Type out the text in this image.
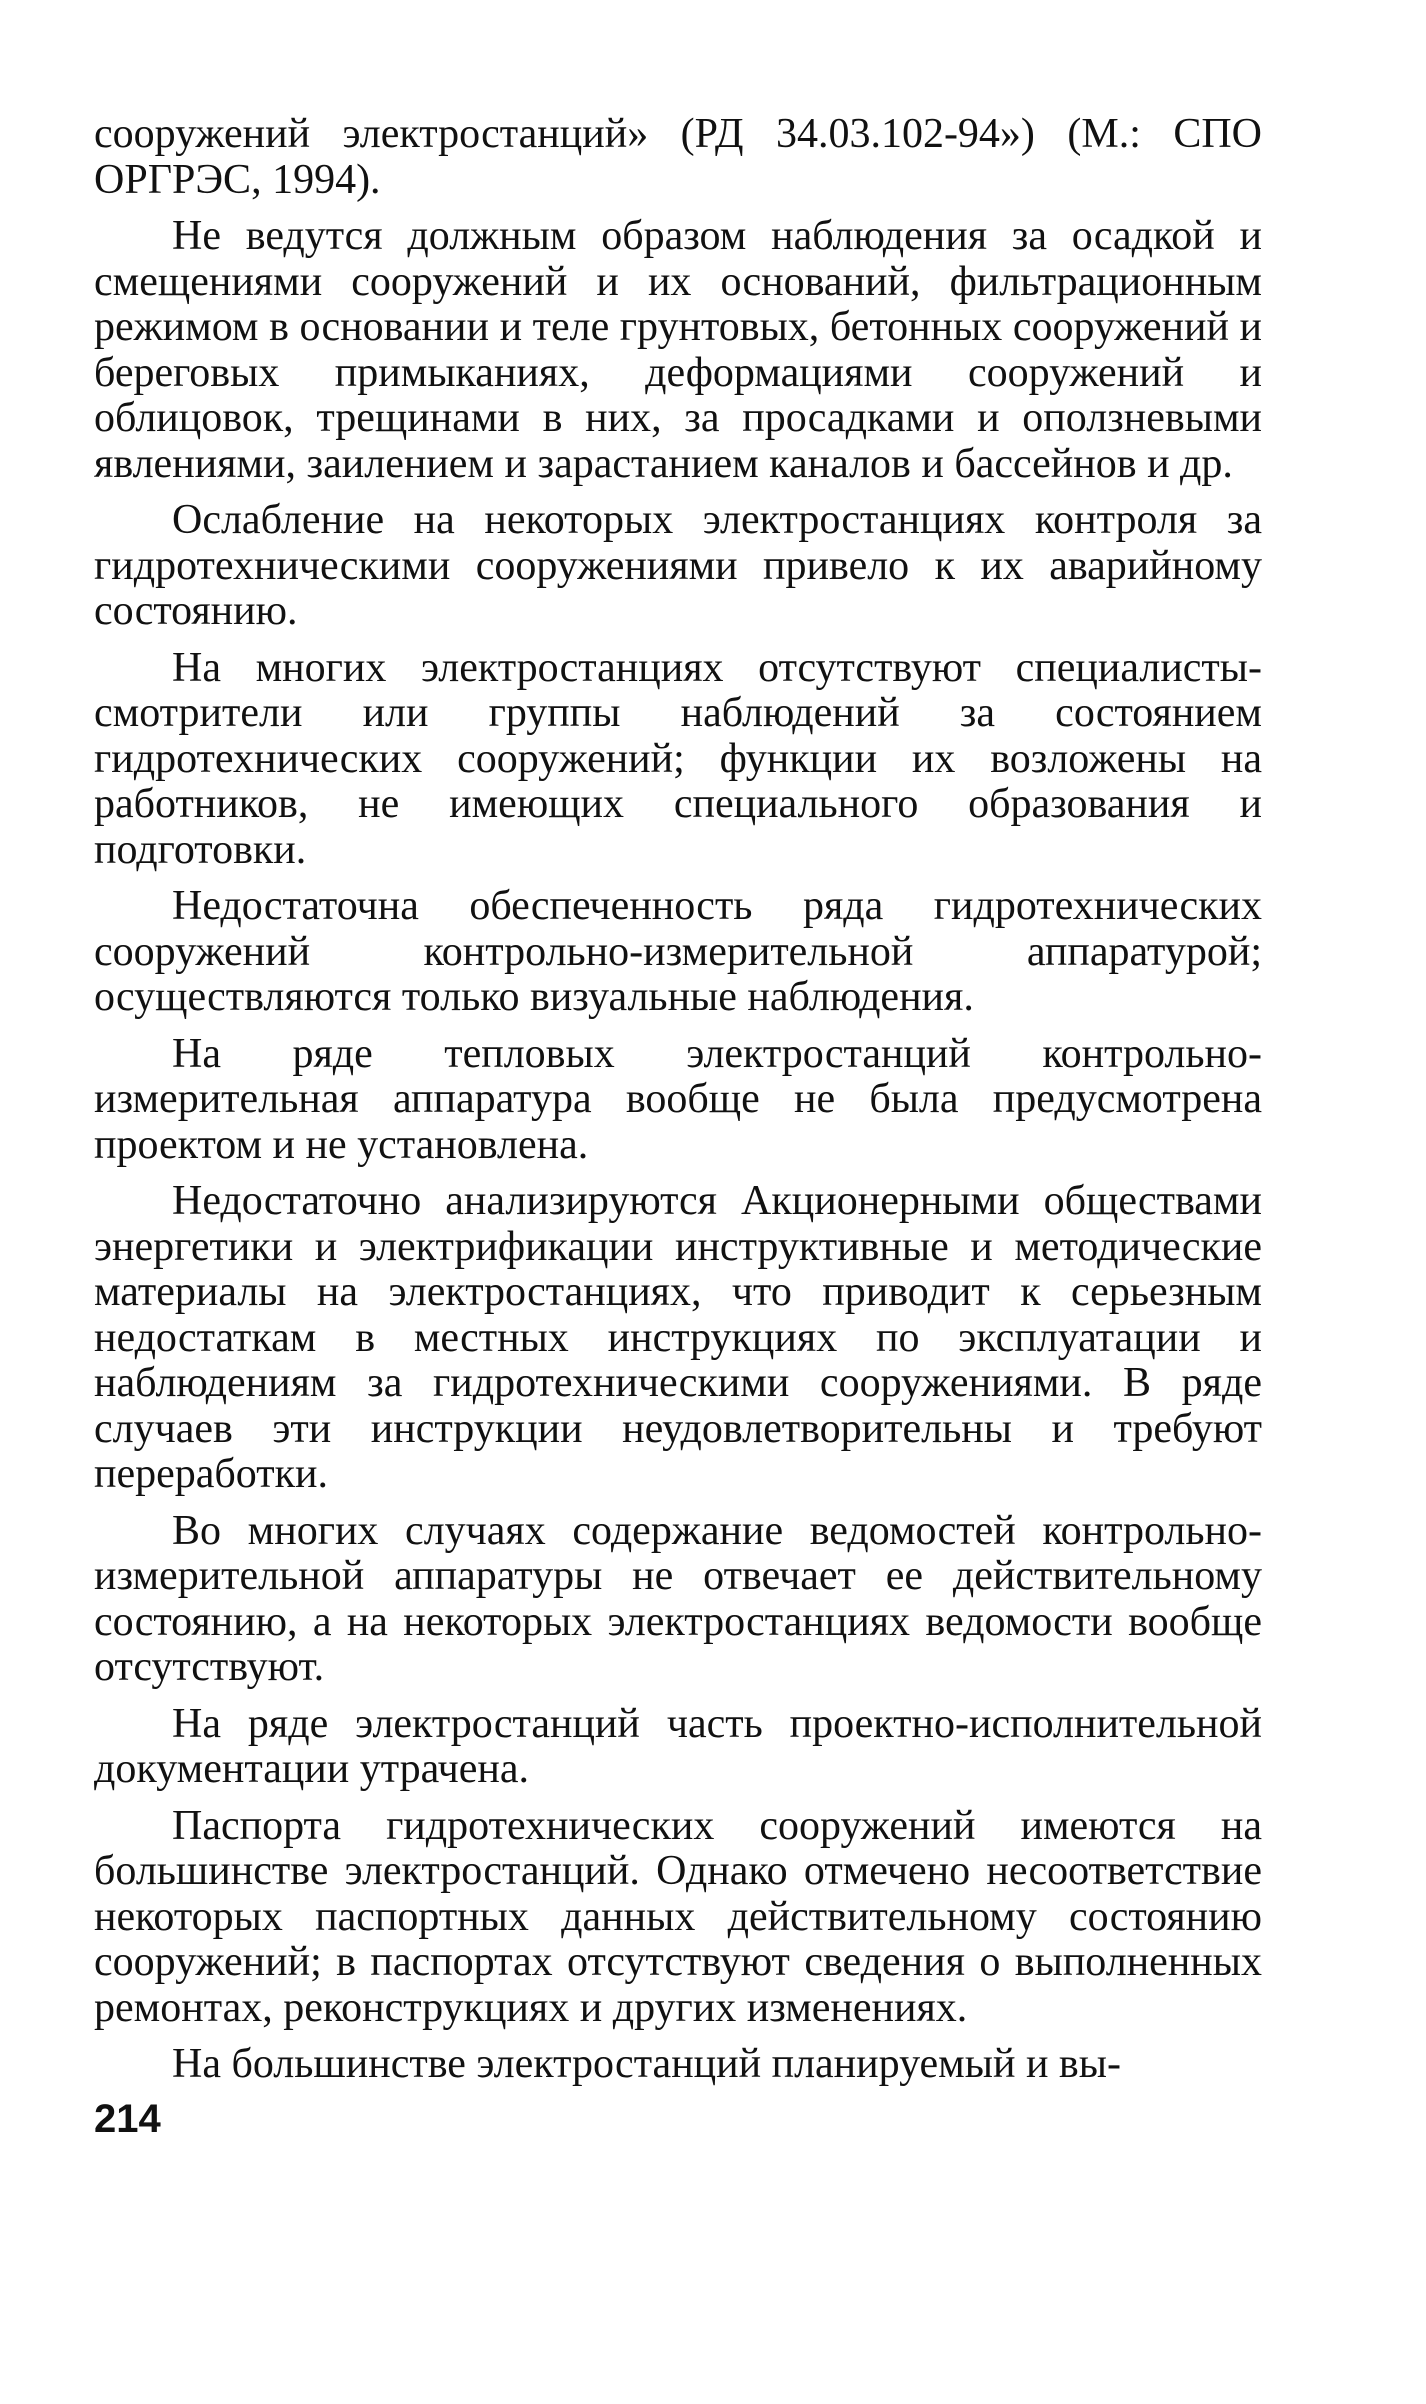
сооружений электростанций» (РД 34.03.102-94») (М.: СПО ОРГРЭС, 1994).

Не ведутся должным образом наблюдения за осадкой и смещениями сооружений и их оснований, фильтрационным режимом в основании и теле грунтовых, бетонных сооружений и береговых примыканиях, деформациями сооружений и облицовок, трещинами в них, за просадками и оползневыми явлениями, заилением и зарастанием каналов и бассейнов и др.

Ослабление на некоторых электростанциях контроля за гидротехническими сооружениями привело к их аварийному состоянию.

На многих электростанциях отсутствуют специалисты-смотрители или группы наблюдений за состоянием гидротехнических сооружений; функции их возложены на работников, не имеющих специального образования и подготовки.

Недостаточна обеспеченность ряда гидротехнических сооружений контрольно-измерительной аппаратурой; осуществляются только визуальные наблюдения.

На ряде тепловых электростанций контрольно-измерительная аппаратура вообще не была предусмотрена проектом и не установлена.

Недостаточно анализируются Акционерными обществами энергетики и электрификации инструктивные и методические материалы на электростанциях, что приводит к серьезным недостаткам в местных инструкциях по эксплуатации и наблюдениям за гидротехническими сооружениями. В ряде случаев эти инструкции неудовлетворительны и требуют переработки.

Во многих случаях содержание ведомостей контрольно-измерительной аппаратуры не отвечает ее действительному состоянию, а на некоторых электростанциях ведомости вообще отсутствуют.

На ряде электростанций часть проектно-исполнительной документации утрачена.

Паспорта гидротехнических сооружений имеются на большинстве электростанций. Однако отмечено несоответствие некоторых паспортных данных действительному состоянию сооружений; в паспортах отсутствуют сведения о выполненных ремонтах, реконструкциях и других изменениях.

На большинстве электростанций планируемый и вы-

214
